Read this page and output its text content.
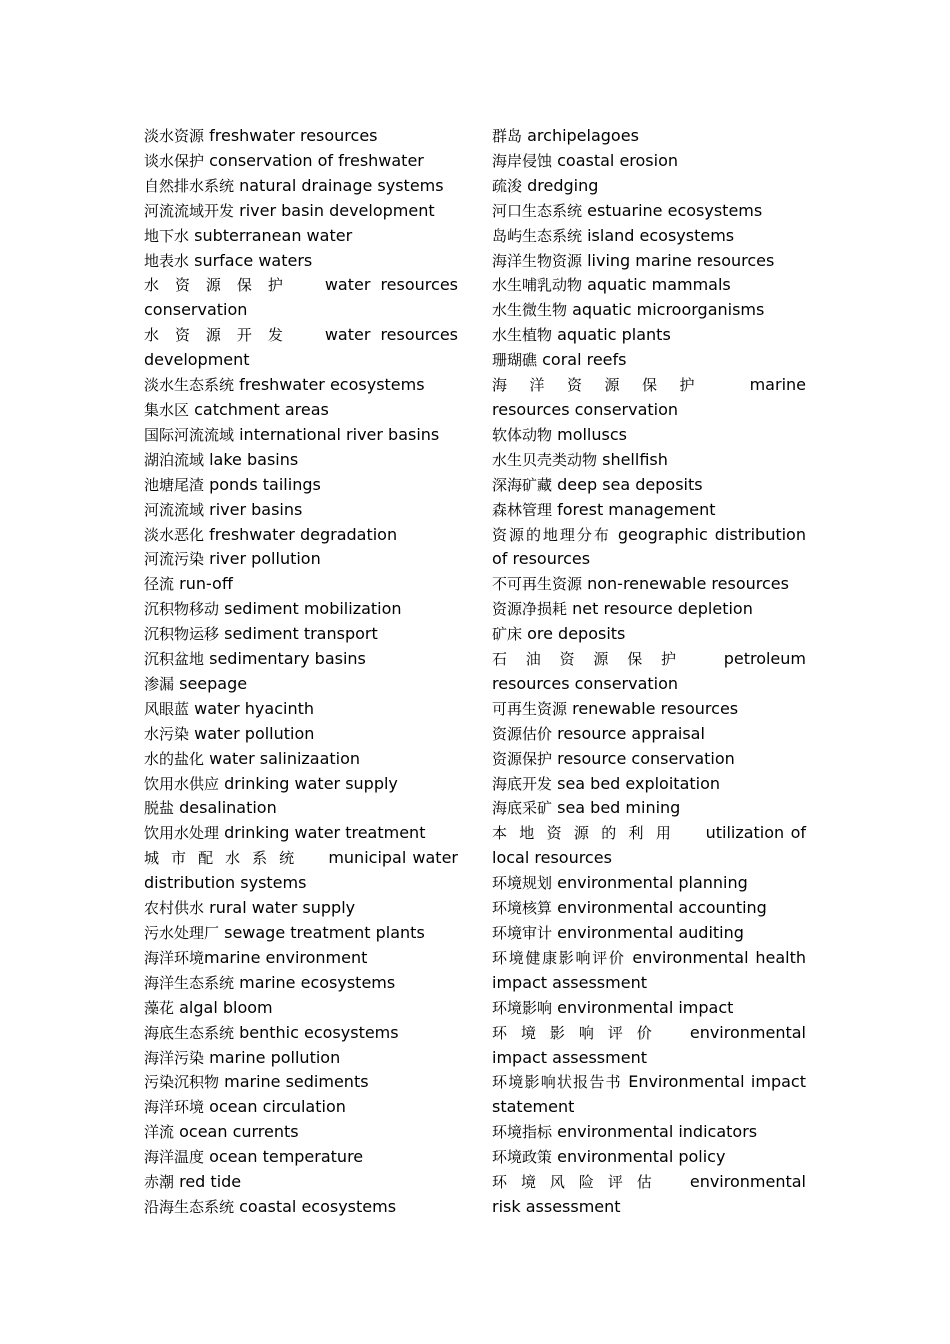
淡水资源 freshwater resources

谈水保护 conservation of freshwater

自然排水系统 natural drainage systems

河流流域开发 river basin development

地下水 subterranean water

地表水 surface waters

水资源保护  water resources conservation

水资源开发  water resources development

淡水生态系统 freshwater ecosystems

集水区 catchment areas

国际河流流域 international river basins

湖泊流域 lake basins

池塘尾渣 ponds tailings

河流流域 river basins

淡水恶化 freshwater degradation

河流污染 river pollution

径流 run-off

沉积物移动 sediment mobilization

沉积物运移 sediment transport

沉积盆地 sedimentary basins

渗漏 seepage

风眼蓝 water hyacinth

水污染 water pollution

水的盐化 water salinizaation

饮用水供应 drinking water supply

脱盐 desalination

饮用水处理 drinking water treatment

城市配水系统  municipal water distribution systems

农村供水 rural water supply

污水处理厂 sewage treatment plants

海洋环境marine environment

海洋生态系统 marine ecosystems

藻花 algal bloom

海底生态系统 benthic ecosystems

海洋污染 marine pollution

污染沉积物 marine sediments

海洋环境 ocean circulation

洋流 ocean currents

海洋温度 ocean temperature

赤潮 red tide

沿海生态系统 coastal ecosystems

群岛 archipelagoes

海岸侵蚀 coastal erosion

疏浚 dredging

河口生态系统 estuarine ecosystems

岛屿生态系统 island ecosystems

海洋生物资源 living marine resources

水生哺乳动物 aquatic mammals

水生微生物 aquatic microorganisms

水生植物 aquatic plants

珊瑚礁 coral reefs

海洋资源保护  marine resources conservation

软体动物 molluscs

水生贝壳类动物 shellfish

深海矿藏 deep sea deposits

森林管理 forest management

资源的地理分布 geographic distribution of resources

不可再生资源 non-renewable resources

资源净损耗 net resource depletion

矿床 ore deposits

石油资源保护  petroleum resources conservation

可再生资源 renewable resources

资源估价 resource appraisal

资源保护 resource conservation

海底开发 sea bed exploitation

海底采矿 sea bed mining

本地资源的利用  utilization of local resources

环境规划 environmental planning

环境核算 environmental accounting

环境审计 environmental auditing

环境健康影响评价 environmental health impact assessment

环境影响 environmental impact

环境影响评价  environmental impact assessment

环境影响状报告书 Environmental impact statement

环境指标 environmental indicators

环境政策 environmental policy

环境风险评估  environmental risk assessment
